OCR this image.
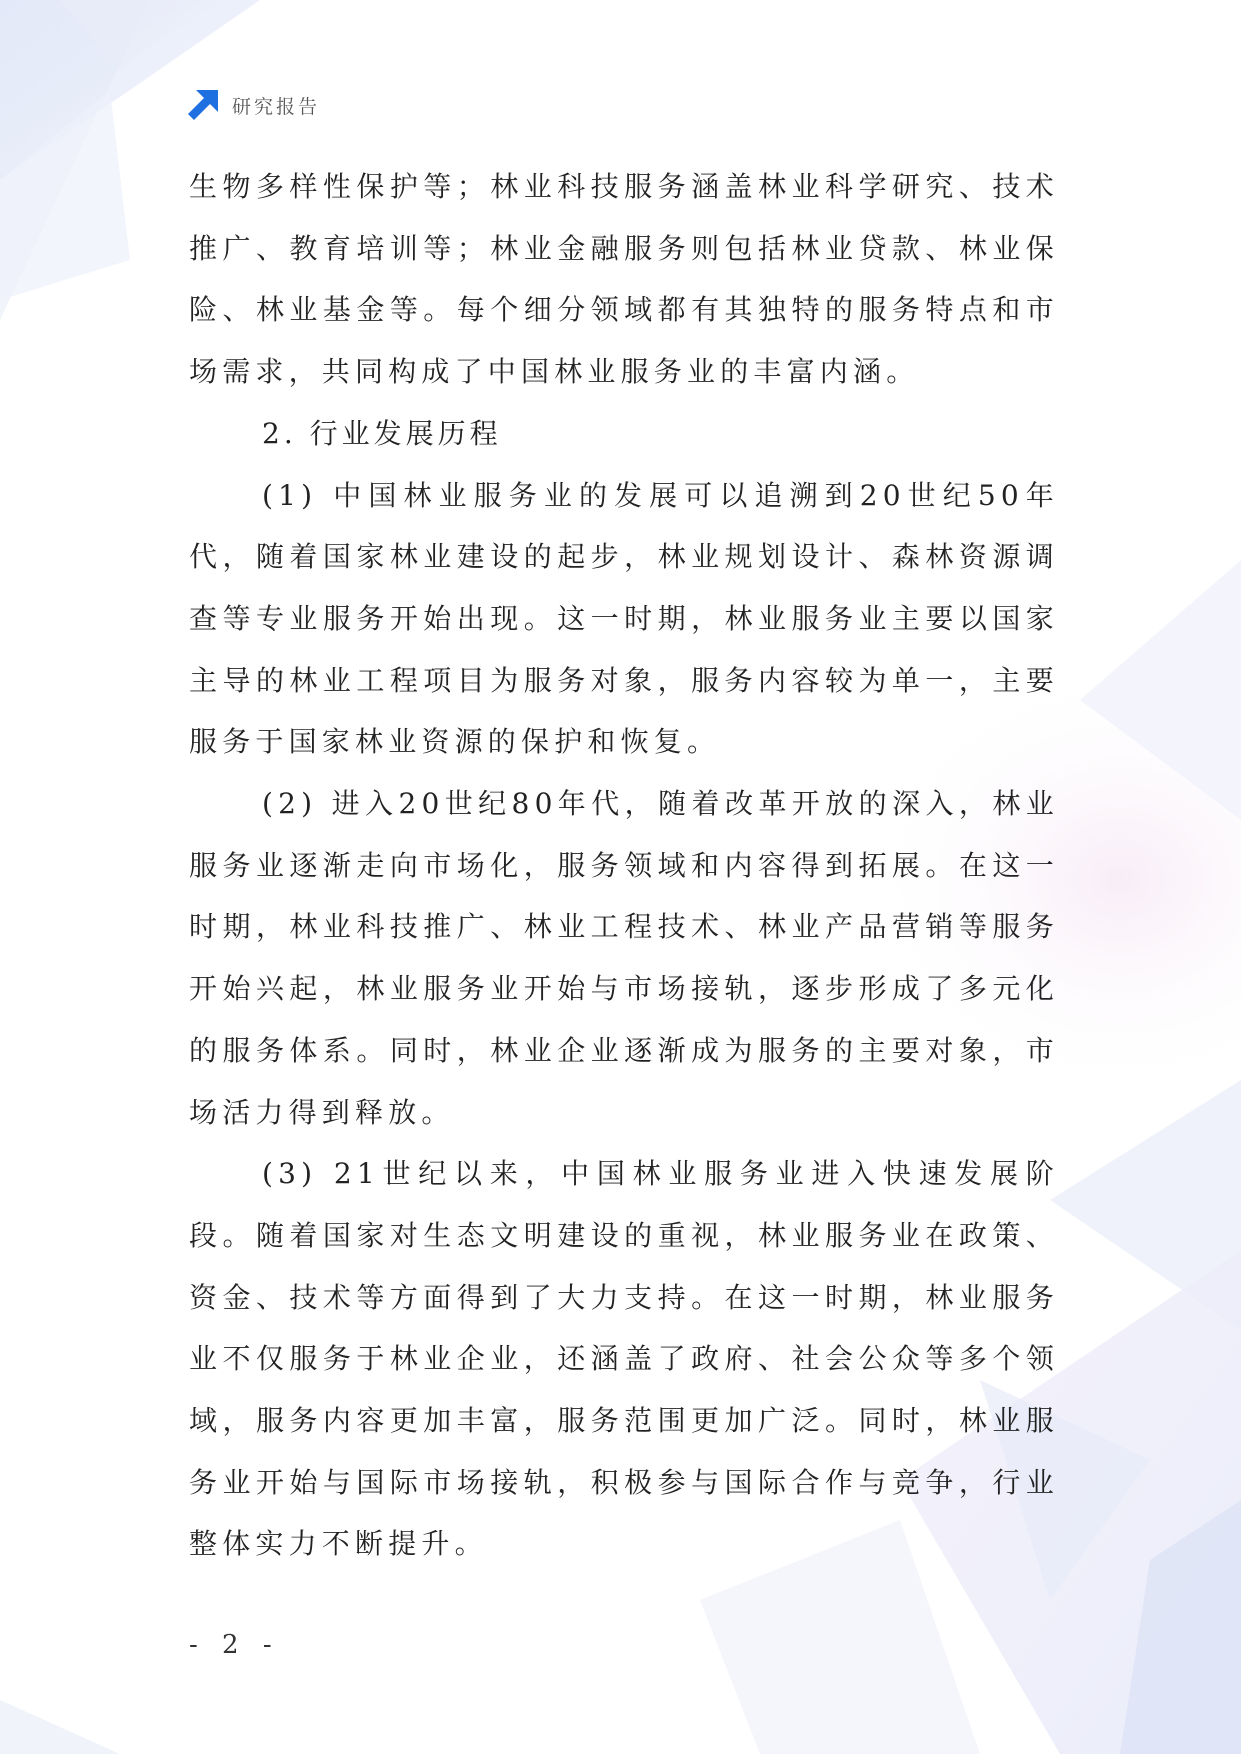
研究报告

生物多样性保护等；林业科技服务涵盖林业科学研究、技术推广、教育培训等；林业金融服务则包括林业贷款、林业保险、林业基金等。每个细分领域都有其独特的服务特点和市场需求，共同构成了中国林业服务业的丰富内涵。

2. 行业发展历程

(1) 中国林业服务业的发展可以追溯到20世纪50年代，随着国家林业建设的起步，林业规划设计、森林资源调查等专业服务开始出现。这一时期，林业服务业主要以国家主导的林业工程项目为服务对象，服务内容较为单一，主要服务于国家林业资源的保护和恢复。

(2) 进入20世纪80年代，随着改革开放的深入，林业服务业逐渐走向市场化，服务领域和内容得到拓展。在这一时期，林业科技推广、林业工程技术、林业产品营销等服务开始兴起，林业服务业开始与市场接轨，逐步形成了多元化的服务体系。同时，林业企业逐渐成为服务的主要对象，市场活力得到释放。

(3) 21世纪以来，中国林业服务业进入快速发展阶段。随着国家对生态文明建设的重视，林业服务业在政策、资金、技术等方面得到了大力支持。在这一时期，林业服务业不仅服务于林业企业，还涵盖了政府、社会公众等多个领域，服务内容更加丰富，服务范围更加广泛。同时，林业服务业开始与国际市场接轨，积极参与国际合作与竞争，行业整体实力不断提升。

- 2 -
